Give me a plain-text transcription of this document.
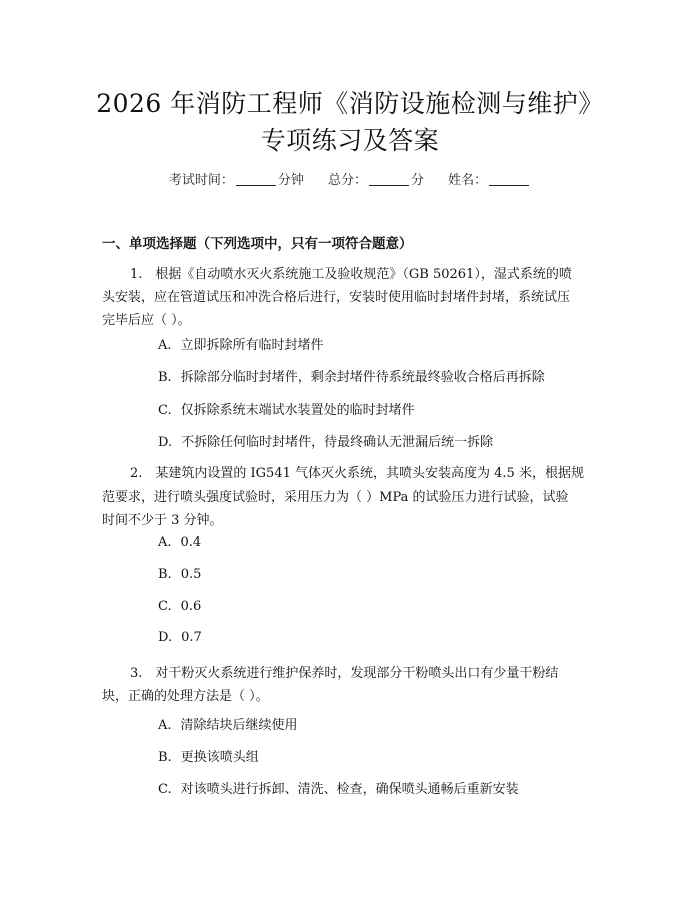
2026 年消防工程师《消防设施检测与维护》
专项练习及答案
考试时间：	分钟 总分：	分 姓名：
一、单项选择题（下列选项中，只有一项符合题意）
1.　根据《自动喷水灭火系统施工及验收规范》（GB 50261），湿式系统的喷
头安装，应在管道试压和冲洗合格后进行，安装时使用临时封堵件封堵，系统试压
完毕后应（ ）。
A. 立即拆除所有临时封堵件
B. 拆除部分临时封堵件，剩余封堵件待系统最终验收合格后再拆除
C. 仅拆除系统末端试水装置处的临时封堵件
D. 不拆除任何临时封堵件，待最终确认无泄漏后统一拆除
2.　某建筑内设置的 IG541 气体灭火系统，其喷头安装高度为 4.5 米，根据规
范要求，进行喷头强度试验时，采用压力为（ ）MPa 的试验压力进行试验，试验
时间不少于 3 分钟。
A. 0.4
B. 0.5
C. 0.6
D. 0.7
3.　对干粉灭火系统进行维护保养时，发现部分干粉喷头出口有少量干粉结
块，正确的处理方法是（ ）。
A. 清除结块后继续使用
B. 更换该喷头组
C. 对该喷头进行拆卸、清洗、检查，确保喷头通畅后重新安装
